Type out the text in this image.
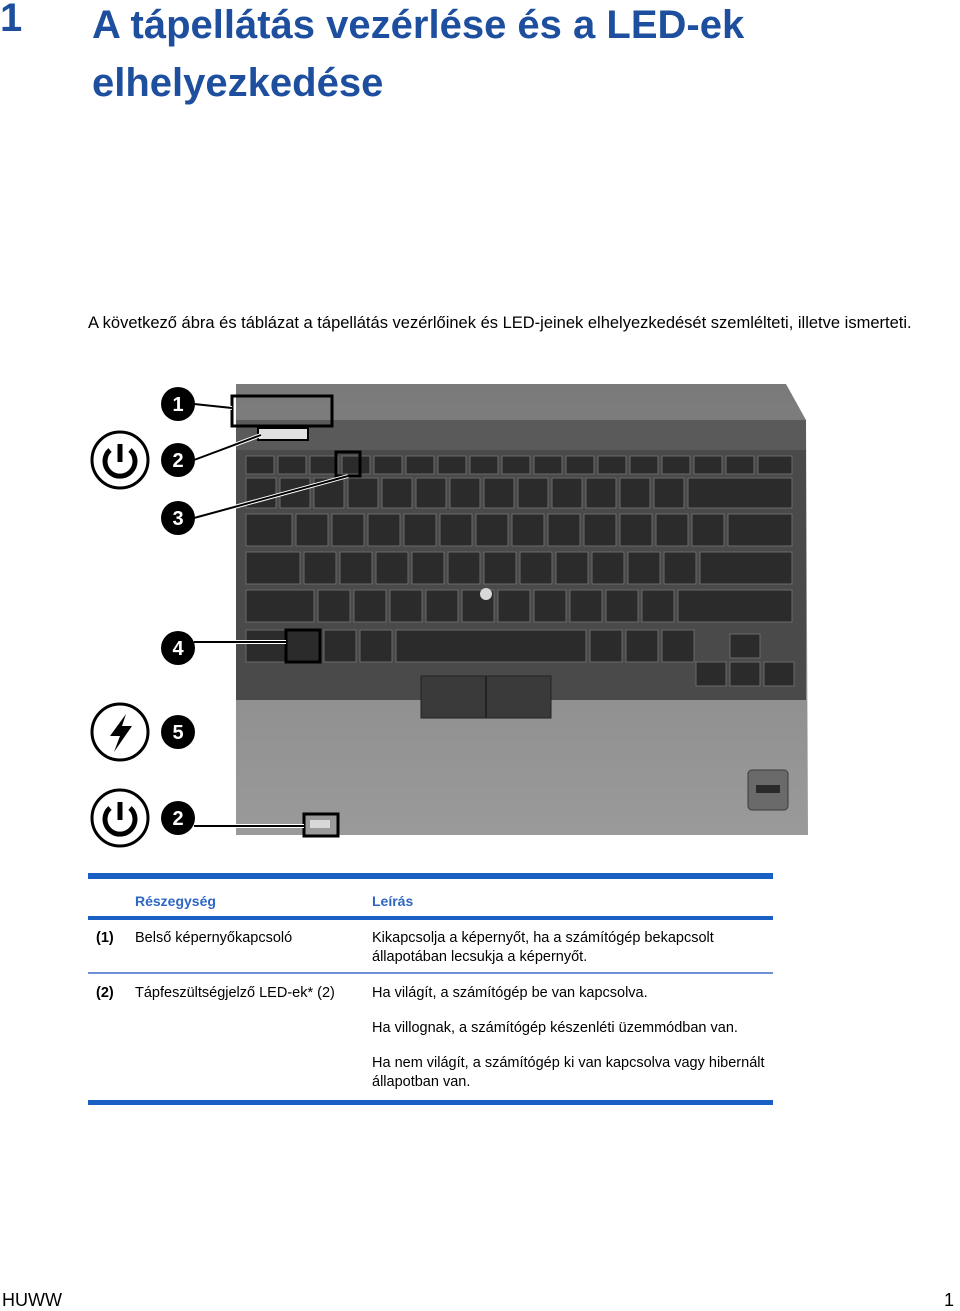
1 A tápellátás vezérlése és a LED-ek elhelyezkedése
A következő ábra és táblázat a tápellátás vezérlőinek és LED-jeinek elhelyezkedését szemlélteti, illetve ismerteti.
1
2
3
4
5
2
Részegység	Leírás
(1) Belső képernyőkapcsoló	Kikapcsolja a képernyőt, ha a számítógép bekapcsolt állapotában lecsukja a képernyőt.
(2) Tápfeszültségjelző LED-ek* (2)	Ha világít, a számítógép be van kapcsolva.

Ha villognak, a számítógép készenléti üzemmódban van.

Ha nem világít, a számítógép ki van kapcsolva vagy hibernált állapotban van.

HUWW	1
